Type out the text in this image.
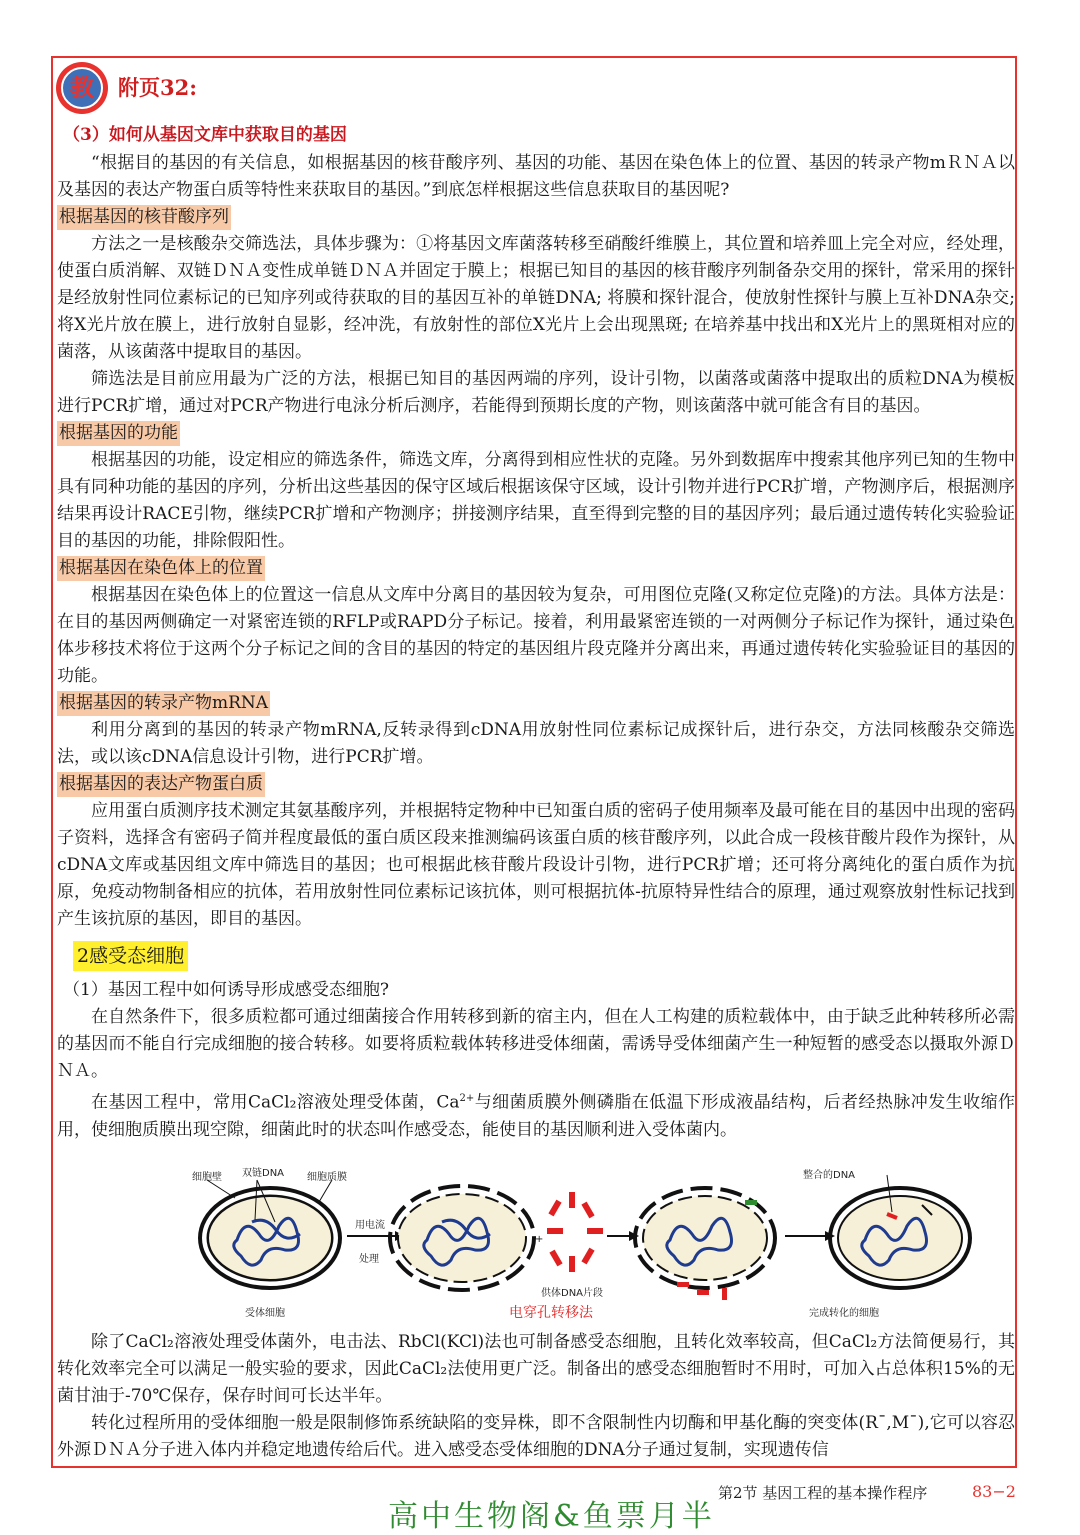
教	附页32:
（3）如何从基因文库中获取目的基因

“根据目的基因的有关信息，如根据基因的核苷酸序列、基因的功能、基因在染色体上的位置、基因的转录产物mＲＮＡ以及基因的表达产物蛋白质等特性来获取目的基因。”到底怎样根据这些信息获取目的基因呢?

根据基因的核苷酸序列

方法之一是核酸杂交筛选法，具体步骤为：①将基因文库菌落转移至硝酸纤维膜上，其位置和培养皿上完全对应，经处理，使蛋白质消解、双链ＤＮＡ变性成单链ＤＮＡ并固定于膜上；根据已知目的基因的核苷酸序列制备杂交用的探针，常采用的探针是经放射性同位素标记的已知序列或待获取的目的基因互补的单链DNA; 将膜和探针混合，使放射性探针与膜上互补DNA杂交; 将X光片放在膜上，进行放射自显影，经冲洗，有放射性的部位X光片上会出现黑斑; 在培养基中找出和X光片上的黑斑相对应的菌落，从该菌落中提取目的基因。

筛选法是目前应用最为广泛的方法，根据已知目的基因两端的序列，设计引物，以菌落或菌落中提取出的质粒DNA为模板进行PCR扩增，通过对PCR产物进行电泳分析后测序，若能得到预期长度的产物，则该菌落中就可能含有目的基因。

根据基因的功能

根据基因的功能，设定相应的筛选条件，筛选文库，分离得到相应性状的克隆。另外到数据库中搜索其他序列已知的生物中具有同种功能的基因的序列，分析出这些基因的保守区域后根据该保守区域，设计引物并进行PCR扩增，产物测序后，根据测序结果再设计RACE引物，继续PCR扩增和产物测序；拼接测序结果，直至得到完整的目的基因序列；最后通过遗传转化实验验证目的基因的功能，排除假阳性。

根据基因在染色体上的位置

根据基因在染色体上的位置这一信息从文库中分离目的基因较为复杂，可用图位克隆(又称定位克隆)的方法。具体方法是：在目的基因两侧确定一对紧密连锁的RFLP或RAPD分子标记。接着，利用最紧密连锁的一对两侧分子标记作为探针，通过染色体步移技术将位于这两个分子标记之间的含目的基因的特定的基因组片段克隆并分离出来，再通过遗传转化实验验证目的基因的功能。

根据基因的转录产物mRNA

利用分离到的基因的转录产物mRNA,反转录得到cDNA用放射性同位素标记成探针后，进行杂交，方法同核酸杂交筛选法，或以该cDNA信息设计引物，进行PCR扩增。

根据基因的表达产物蛋白质

应用蛋白质测序技术测定其氨基酸序列，并根据特定物种中已知蛋白质的密码子使用频率及最可能在目的基因中出现的密码子资料，选择含有密码子简并程度最低的蛋白质区段来推测编码该蛋白质的核苷酸序列，以此合成一段核苷酸片段作为探针，从cDNA文库或基因组文库中筛选目的基因；也可根据此核苷酸片段设计引物，进行PCR扩增；还可将分离纯化的蛋白质作为抗原，免疫动物制备相应的抗体，若用放射性同位素标记该抗体，则可根据抗体-抗原特异性结合的原理，通过观察放射性标记找到产生该抗原的基因，即目的基因。

2感受态细胞

（1）基因工程中如何诱导形成感受态细胞?

在自然条件下，很多质粒都可通过细菌接合作用转移到新的宿主内，但在人工构建的质粒载体中，由于缺乏此种转移所必需的基因而不能自行完成细胞的接合转移。如要将质粒载体转移进受体细菌，需诱导受体细菌产生一种短暂的感受态以摄取外源ＤＮＡ。

在基因工程中，常用CaCl₂溶液处理受体菌，$Ca^{2+}$与细菌质膜外侧磷脂在低温下形成液晶结构，后者经热脉冲发生收缩作用，使细胞质膜出现空隙，细菌此时的状态叫作感受态，能使目的基因顺利进入受体菌内。

细胞壁 双链DNA 细胞质膜
受体细胞
用电流
处理
+
供体DNA片段
整合的DNA
完成转化的细胞
电穿孔转移法

除了CaCl₂溶液处理受体菌外，电击法、RbCl(KCl)法也可制备感受态细胞，且转化效率较高，但CaCl₂方法简便易行，其转化效率完全可以满足一般实验的要求，因此CaCl₂法使用更广泛。制备出的感受态细胞暂时不用时，可加入占总体积15%的无菌甘油于-70℃保存，保存时间可长达半年。

转化过程所用的受体细胞一般是限制修饰系统缺陷的变异株，即不含限制性内切酶和甲基化酶的突变体(R¯,M¯),它可以容忍外源ＤＮＡ分子进入体内并稳定地遗传给后代。进入感受态受体细胞的DNA分子通过复制，实现遗传信

第2节 基因工程的基本操作程序	83−2
高中生物阁&鱼票月半
